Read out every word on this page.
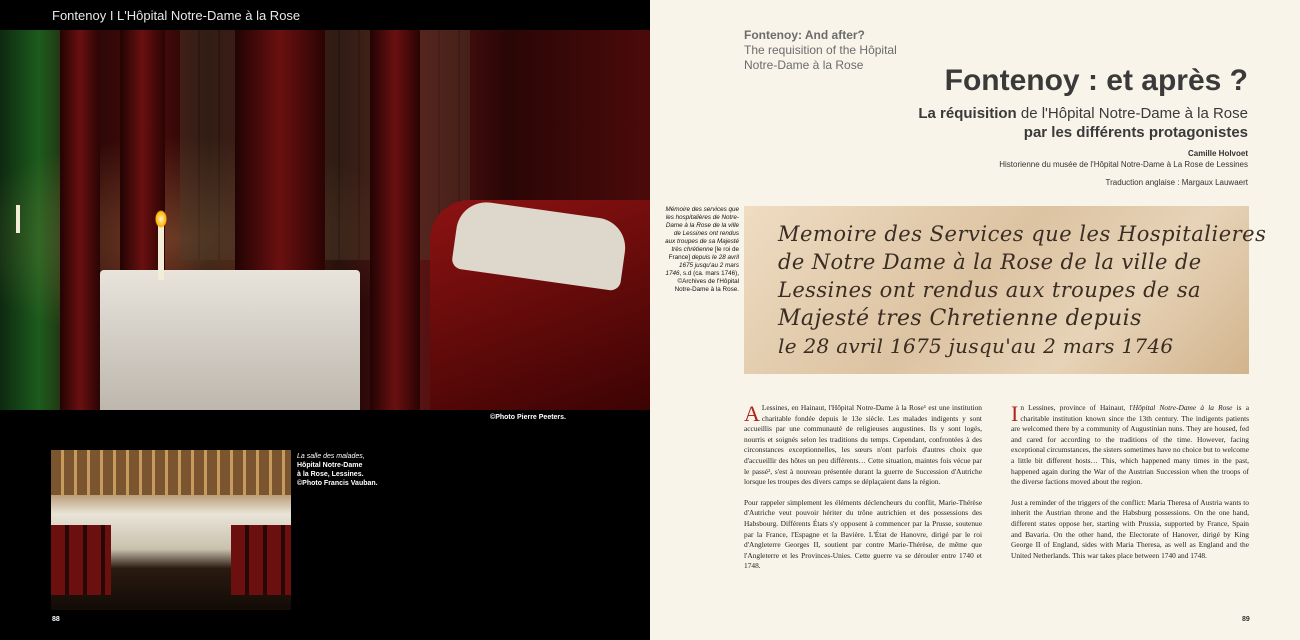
Fontenoy I L'Hôpital Notre-Dame à la Rose
©Photo Pierre Peeters.
La salle des malades,
Hôpital Notre-Dame
à la Rose, Lessines.
©Photo Francis Vauban.
88
Fontenoy: And after?
The requisition of the Hôpital
Notre-Dame à la Rose	Fontenoy : et après ?
La réquisition de l'Hôpital Notre-Dame à la Rose
par les différents protagonistes
Camille Holvoet
Historienne du musée de l'Hôpital Notre-Dame à La Rose de Lessines
Traduction anglaise : Margaux Lauwaert
Mémoire des services que les hospitalières de Notre-Dame à la Rose de la ville de Lessines ont rendus aux troupes de sa Majesté très chrétienne [le roi de France] depuis le 28 avril 1675 jusqu'au 2 mars 1746, s.d (ca. mars 1746), ©Archives de l'Hôpital Notre-Dame à la Rose.
Memoire des Services que les Hospitalieres
de Notre Dame à la Rose de la ville de
Lessines ont rendus aux troupes de sa
Majesté tres Chretienne depuis
le 28 avril 1675 jusqu'au 2 mars 1746

A Lessines, en Hainaut, l'Hôpital Notre-Dame à la Rose¹ est une institution charitable fondée depuis le 13e siècle. Les malades indigents y sont accueillis par une communauté de religieuses augustines. Ils y sont logés, nourris et soignés selon les traditions du temps. Cependant, confrontées à des circonstances exceptionnelles, les sœurs n'ont parfois d'autres choix que d'accueillir des hôtes un peu différents… Cette situation, maintes fois vécue par le passé², s'est à nouveau présentée durant la guerre de Succession d'Autriche lorsque les troupes des divers camps se déplaçaient dans la région.

Pour rappeler simplement les éléments déclencheurs du conflit, Marie-Thérèse d'Autriche veut pouvoir hériter du trône autrichien et des possessions des Habsbourg. Différents États s'y opposent à commencer par la Prusse, soutenue par la France, l'Espagne et la Bavière. L'État de Hanovre, dirigé par le roi d'Angleterre Georges II, soutient par contre Marie-Thérèse, de même que l'Angleterre et les Provinces-Unies. Cette guerre va se dérouler entre 1740 et 1748.

In Lessines, province of Hainaut, l'Hôpital Notre-Dame à la Rose is a charitable institution known since the 13th century. The indigents patients are welcomed there by a community of Augustinian nuns. They are housed, fed and cared for according to the traditions of the time. However, facing exceptional circumstances, the sisters sometimes have no choice but to welcome a little bit different hosts… This, which happened many times in the past, happened again during the War of the Austrian Succession when the troops of the diverse factions moved about the region.

Just a reminder of the triggers of the conflict: Maria Theresa of Austria wants to inherit the Austrian throne and the Habsburg possessions. On the one hand, different states oppose her, starting with Prussia, supported by France, Spain and Bavaria. On the other hand, the Electorate of Hanover, dirigé by King George II of England, sides with Maria Theresa, as well as England and the United Netherlands. This war takes place between 1740 and 1748.

89
